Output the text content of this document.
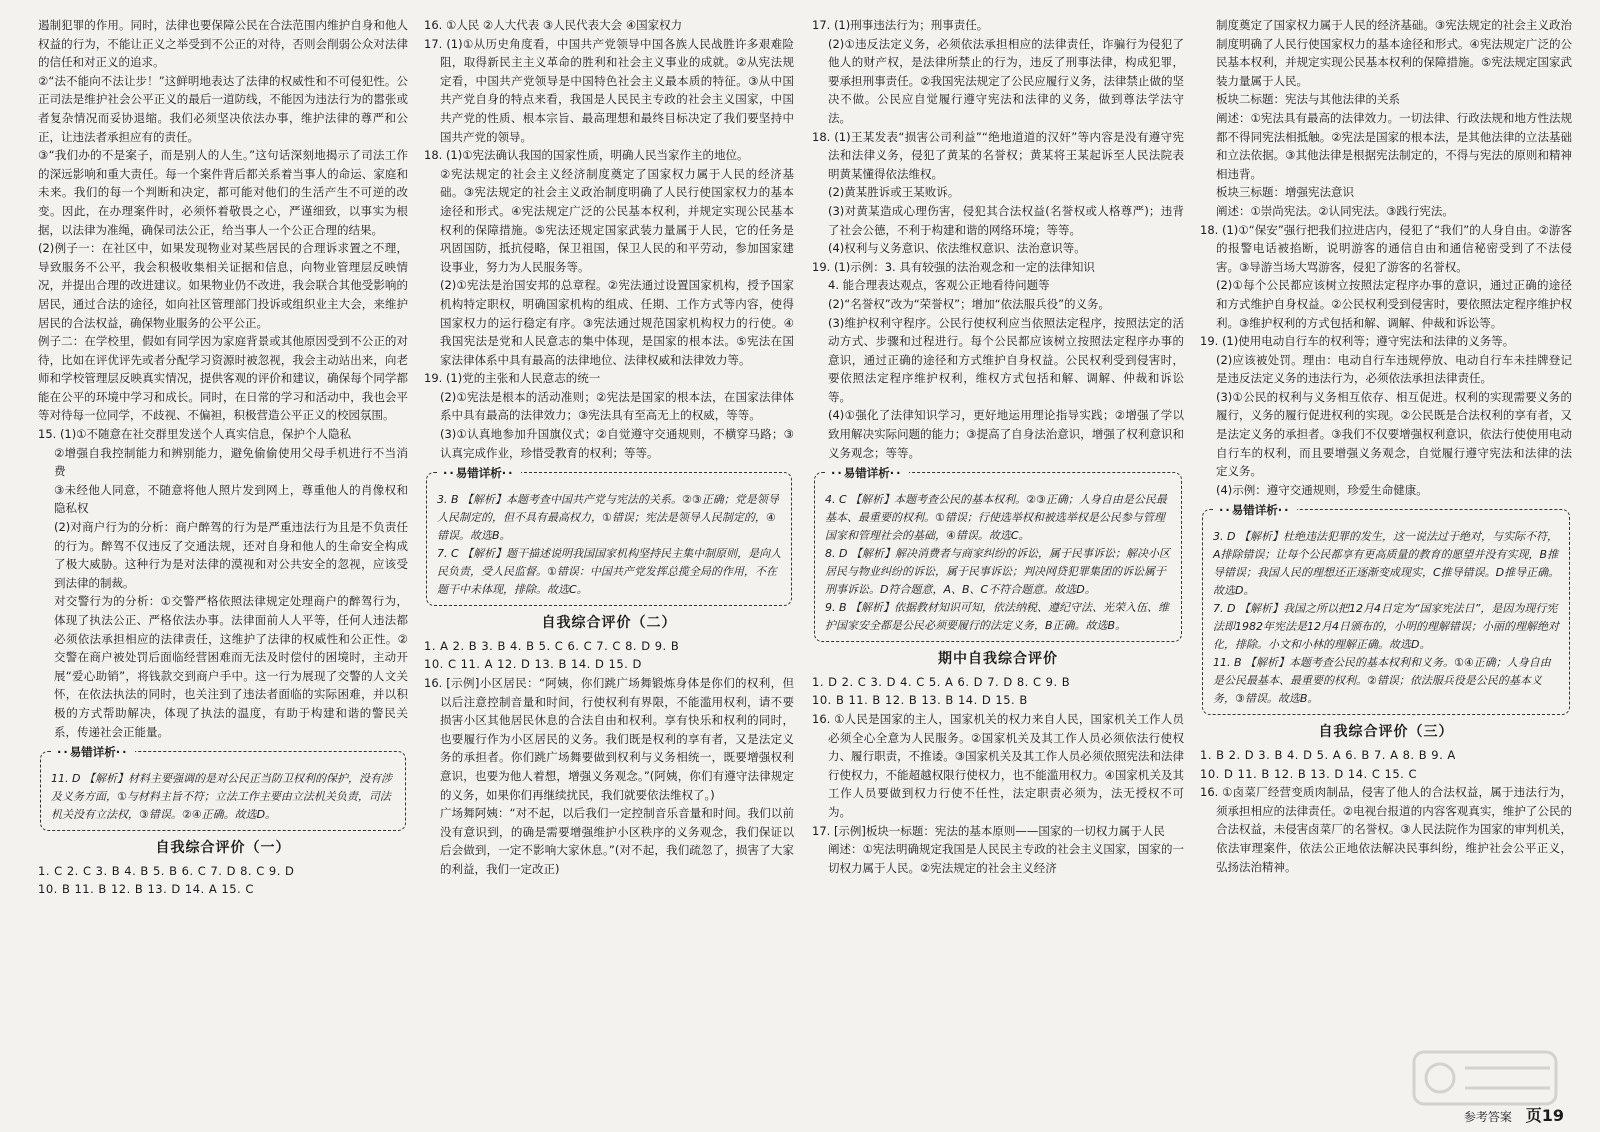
遏制犯罪的作用。同时，法律也要保障公民在合法范围内维护自身和他人权益的行为，不能让正义之举受到不公正的对待，否则会削弱公众对法律的信任和对正义的追求。
②“法不能向不法让步！”这鲜明地表达了法律的权威性和不可侵犯性。公正司法是维护社会公平正义的最后一道防线，不能因为违法行为的嚣张或者复杂情况而妥协退缩。我们必须坚决依法办事，维护法律的尊严和公正，让违法者承担应有的责任。
③“我们办的不是案子，而是别人的人生。”这句话深刻地揭示了司法工作的深远影响和重大责任。每一个案件背后都关系着当事人的命运、家庭和未来。我们的每一个判断和决定，都可能对他们的生活产生不可逆的改变。因此，在办理案件时，必须怀着敬畏之心，严谨细致，以事实为根据，以法律为准绳，确保司法公正，给当事人一个公正合理的结果。
(2)例子一：在社区中，如果发现物业对某些居民的合理诉求置之不理，导致服务不公平，我会积极收集相关证据和信息，向物业管理层反映情况，并提出合理的改进建议。如果物业仍不改进，我会联合其他受影响的居民，通过合法的途径，如向社区管理部门投诉或组织业主大会，来维护居民的合法权益，确保物业服务的公平公正。
例子二：在学校里，假如有同学因为家庭背景或其他原因受到不公正的对待，比如在评优评先或者分配学习资源时被忽视，我会主动站出来，向老师和学校管理层反映真实情况，提供客观的评价和建议，确保每个同学都能在公平的环境中学习和成长。同时，在日常的学习和活动中，我也会平等对待每一位同学，不歧视、不偏袒，积极营造公平正义的校园氛围。
15. (1)①不随意在社交群里发送个人真实信息，保护个人隐私
②增强自我控制能力和辨别能力，避免偷偷使用父母手机进行不当消费
③未经他人同意，不随意将他人照片发到网上，尊重他人的肖像权和隐私权
(2)对商户行为的分析：商户醉驾的行为是严重违法行为且是不负责任的行为。醉驾不仅违反了交通法规，还对自身和他人的生命安全构成了极大威胁。这种行为是对法律的漠视和对公共安全的忽视，应该受到法律的制裁。
对交警行为的分析：①交警严格依照法律规定处理商户的醉驾行为，体现了执法公正、严格依法办事。法律面前人人平等，任何人违法都必须依法承担相应的法律责任，这维护了法律的权威性和公正性。②交警在商户被处罚后面临经营困难而无法及时偿付的困境时，主动开展“爱心助销”，将钱款交到商户手中。这一行为展现了交警的人文关怀，在依法执法的同时，也关注到了违法者面临的实际困难，并以积极的方式帮助解决，体现了执法的温度，有助于构建和谐的警民关系，传递社会正能量。
··易错详析··
11. D 【解析】材料主要强调的是对公民正当防卫权利的保护，没有涉及义务方面，①与材料主旨不符；立法工作主要由立法机关负责，司法机关没有立法权，③错误。②④正确。故选D。
自我综合评价（一）
1. C 2. C 3. B 4. B 5. B 6. C 7. D 8. C 9. D
10. B 11. B 12. B 13. D 14. A 15. C
16. ①人民 ②人大代表 ③人民代表大会 ④国家权力
17. (1)①从历史角度看，中国共产党领导中国各族人民战胜许多艰难险阻，取得新民主主义革命的胜利和社会主义事业的成就。②从宪法规定看，中国共产党领导是中国特色社会主义最本质的特征。③从中国共产党自身的特点来看，我国是人民民主专政的社会主义国家，中国共产党的性质、根本宗旨、最高理想和最终目标决定了我们要坚持中国共产党的领导。
18. (1)①宪法确认我国的国家性质，明确人民当家作主的地位。
②宪法规定的社会主义经济制度奠定了国家权力属于人民的经济基础。③宪法规定的社会主义政治制度明确了人民行使国家权力的基本途径和形式。④宪法规定广泛的公民基本权利，并规定实现公民基本权利的保障措施。⑤宪法还规定国家武装力量属于人民，它的任务是巩固国防，抵抗侵略，保卫祖国，保卫人民的和平劳动，参加国家建设事业，努力为人民服务等。
(2)①宪法是治国安邦的总章程。②宪法通过设置国家机构，授予国家机构特定职权，明确国家机构的组成、任期、工作方式等内容，使得国家权力的运行稳定有序。③宪法通过规范国家机构权力的行使。④我国宪法是党和人民意志的集中体现，是国家的根本法。⑤宪法在国家法律体系中具有最高的法律地位、法律权威和法律效力等。
19. (1)党的主张和人民意志的统一
(2)①宪法是根本的活动准则；②宪法是国家的根本法，在国家法律体系中具有最高的法律效力；③宪法具有至高无上的权威，等等。
(3)①认真地参加升国旗仪式；②自觉遵守交通规则，不横穿马路；③认真完成作业，珍惜受教育的权利；等等。
··易错详析··
3. B 【解析】本题考查中国共产党与宪法的关系。②③正确；党是领导人民制定的，但不具有最高权力，①错误；宪法是领导人民制定的，④错误。故选B。
7. C 【解析】题干描述说明我国国家机构坚持民主集中制原则，是向人民负责，受人民监督。①错误：中国共产党发挥总揽全局的作用，不在题干中未体现，排除。故选C。
自我综合评价（二）
1. A 2. B 3. B 4. B 5. C 6. C 7. C 8. D 9. B
10. C 11. A 12. D 13. B 14. D 15. D
16. [示例]小区居民：“阿姨，你们跳广场舞锻炼身体是你们的权利，但以后注意控制音量和时间，行使权利有界限，不能滥用权利，请不要损害小区其他居民休息的合法自由和权利。享有快乐和权利的同时，也要履行作为小区居民的义务。我们既是权利的享有者，又是法定义务的承担者。你们跳广场舞要做到权利与义务相统一，既要增强权利意识，也要为他人着想，增强义务观念。”(阿姨，你们有遵守法律规定的义务，如果你们再继续扰民，我们就要依法维权了。)
广场舞阿姨：“对不起，以后我们一定控制音乐音量和时间。我们以前没有意识到，的确是需要增强维护小区秩序的义务观念，我们保证以后会做到，一定不影响大家休息。”(对不起，我们疏忽了，损害了大家的利益，我们一定改正)
17. (1)刑事违法行为；刑事责任。
(2)①违反法定义务，必须依法承担相应的法律责任，诈骗行为侵犯了他人的财产权，是法律所禁止的行为，违反了刑事法律，构成犯罪，要承担刑事责任。②我国宪法规定了公民应履行义务，法律禁止做的坚决不做。公民应自觉履行遵守宪法和法律的义务，做到尊法学法守法。
18. (1)王某发表“损害公司利益”“绝地道道的汉奸”等内容是没有遵守宪法和法律义务，侵犯了黄某的名誉权；黄某将王某起诉至人民法院表明黄某懂得依法维权。
(2)黄某胜诉或王某败诉。
(3)对黄某造成心理伤害，侵犯其合法权益(名誉权或人格尊严)；违背了社会公德，不利于构建和谐的网络环境；等等。
(4)权利与义务意识、依法维权意识、法治意识等。
19. (1)示例：3. 具有较强的法治观念和一定的法律知识
4. 能合理表达观点，客观公正地看待问题等
(2)“名誉权”改为“荣誉权”；增加“依法服兵役”的义务。
(3)维护权利守程序。公民行使权利应当依照法定程序，按照法定的活动方式、步骤和过程进行。每个公民都应该树立按照法定程序办事的意识，通过正确的途径和方式维护自身权益。公民权利受到侵害时，要依照法定程序维护权利，维权方式包括和解、调解、仲裁和诉讼等。
(4)①强化了法律知识学习，更好地运用理论指导实践；②增强了学以致用解决实际问题的能力；③提高了自身法治意识，增强了权利意识和义务观念；等等。
··易错详析··
4. C 【解析】本题考查公民的基本权利。②③正确；人身自由是公民最基本、最重要的权利。①错误；行使选举权和被选举权是公民参与管理国家和管理社会的基础，④错误。故选C。
8. D 【解析】解决消费者与商家纠纷的诉讼，属于民事诉讼；解决小区居民与物业纠纷的诉讼，属于民事诉讼；判决网贷犯罪集团的诉讼属于刑事诉讼。D符合题意，A、B、C不符合题意。故选D。
9. B 【解析】依据教材知识可知，依法纳税、遵纪守法、光荣入伍、维护国家安全都是公民必须要履行的法定义务，B正确。故选B。
期中自我综合评价
1. D 2. C 3. D 4. C 5. A 6. D 7. D 8. C 9. B
10. B 11. B 12. B 13. B 14. D 15. B
16. ①人民是国家的主人，国家机关的权力来自人民，国家机关工作人员必须全心全意为人民服务。②国家机关及其工作人员必须依法行使权力、履行职责，不推诿。③国家机关及其工作人员必须依照宪法和法律行使权力，不能超越权限行使权力，也不能滥用权力。④国家机关及其工作人员要做到权力行使不任性，法定职责必须为，法无授权不可为。
17. [示例]板块一标题：宪法的基本原则——国家的一切权力属于人民
阐述：①宪法明确规定我国是人民民主专政的社会主义国家，国家的一切权力属于人民。②宪法规定的社会主义经济
制度奠定了国家权力属于人民的经济基础。③宪法规定的社会主义政治制度明确了人民行使国家权力的基本途径和形式。④宪法规定广泛的公民基本权利，并规定实现公民基本权利的保障措施。⑤宪法规定国家武装力量属于人民。
板块二标题：宪法与其他法律的关系
阐述：①宪法具有最高的法律效力。一切法律、行政法规和地方性法规都不得同宪法相抵触。②宪法是国家的根本法，是其他法律的立法基础和立法依据。③其他法律是根据宪法制定的，不得与宪法的原则和精神相违背。
板块三标题：增强宪法意识
阐述：①崇尚宪法。②认同宪法。③践行宪法。
18. (1)①“保安”强行把我们拉进店内，侵犯了“我们”的人身自由。②游客的报警电话被掐断，说明游客的通信自由和通信秘密受到了不法侵害。③导游当场大骂游客，侵犯了游客的名誉权。
(2)①每个公民都应该树立按照法定程序办事的意识，通过正确的途径和方式维护自身权益。②公民权利受到侵害时，要依照法定程序维护权利。③维护权利的方式包括和解、调解、仲裁和诉讼等。
19. (1)使用电动自行车的权利等；遵守宪法和法律的义务等。
(2)应该被处罚。理由：电动自行车违规停放、电动自行车未挂牌登记是违反法定义务的违法行为，必须依法承担法律责任。
(3)①公民的权利与义务相互依存、相互促进。权利的实现需要义务的履行，义务的履行促进权利的实现。②公民既是合法权利的享有者，又是法定义务的承担者。③我们不仅要增强权利意识，依法行使使用电动自行车的权利，而且要增强义务观念，自觉履行遵守宪法和法律的法定义务。
(4)示例：遵守交通规则，珍爱生命健康。
··易错详析··
3. D 【解析】杜绝违法犯罪的发生，这一说法过于绝对，与实际不符，A排除错误；让每个公民都享有更高质量的教育的愿望并没有实现，B推导错误；我国人民的理想还正逐渐变成现实，C推导错误。D推导正确。故选D。
7. D 【解析】我国之所以把12月4日定为“国家宪法日”，是因为现行宪法即1982年宪法是12月4日颁布的，小明的理解错误；小丽的理解绝对化，排除。小文和小林的理解正确。故选D。
11. B 【解析】本题考查公民的基本权利和义务。①④正确；人身自由是公民最基本、最重要的权利。②错误；依法服兵役是公民的基本义务，③错误。故选B。
自我综合评价（三）
1. B 2. D 3. B 4. D 5. A 6. B 7. A 8. B 9. A
10. D 11. B 12. B 13. D 14. C 15. C
16. ①卤菜厂经营变质肉制品，侵害了他人的合法权益，属于违法行为，须承担相应的法律责任。②电视台报道的内容客观真实，维护了公民的合法权益，未侵害卤菜厂的名誉权。③人民法院作为国家的审判机关，依法审理案件，依法公正地依法解决民事纠纷，维护社会公平正义，弘扬法治精神。
参考答案 页19
